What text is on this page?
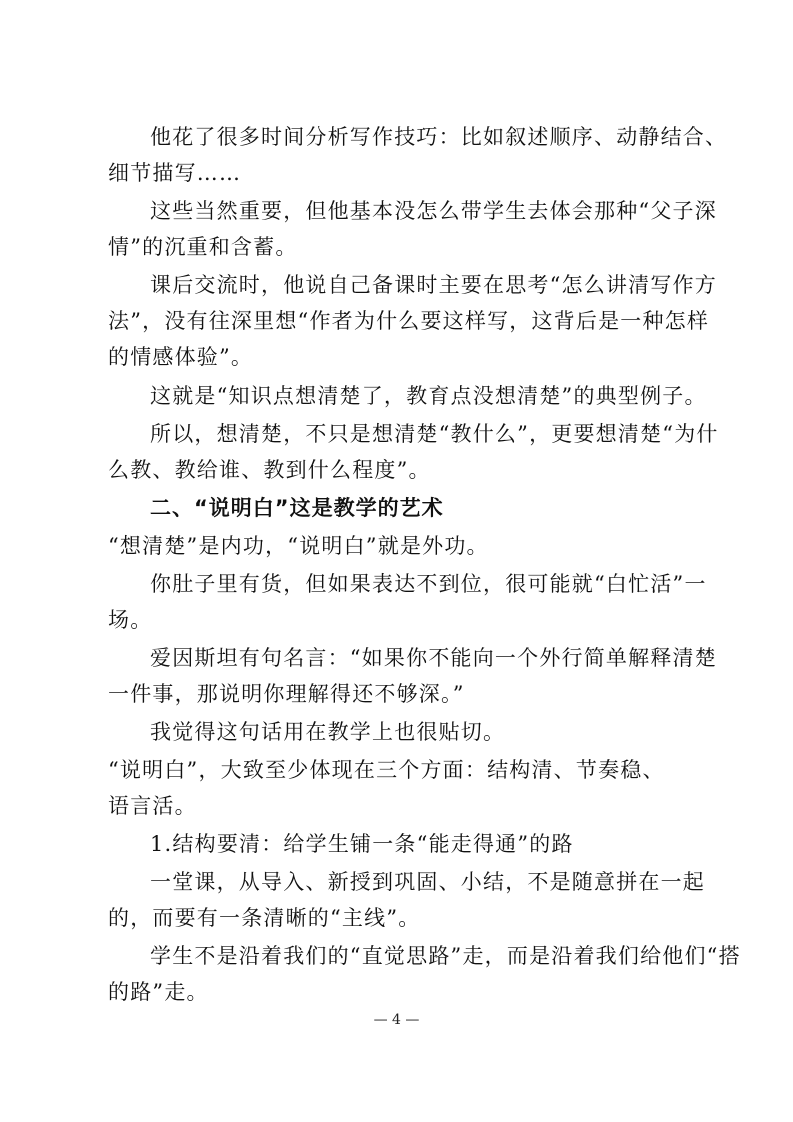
他花了很多时间分析写作技巧：比如叙述顺序、动静结合、
细节描写……
这些当然重要，但他基本没怎么带学生去体会那种“父子深
情”的沉重和含蓄。
课后交流时，他说自己备课时主要在思考“怎么讲清写作方
法”，没有往深里想“作者为什么要这样写，这背后是一种怎样
的情感体验”。
这就是“知识点想清楚了，教育点没想清楚”的典型例子。
所以，想清楚，不只是想清楚“教什么”，更要想清楚“为什
么教、教给谁、教到什么程度”。
二、“说明白”这是教学的艺术
“想清楚”是内功，“说明白”就是外功。
你肚子里有货，但如果表达不到位，很可能就“白忙活”一
场。
爱因斯坦有句名言：“如果你不能向一个外行简单解释清楚
一件事，那说明你理解得还不够深。”
我觉得这句话用在教学上也很贴切。
“说明白”，大致至少体现在三个方面：结构清、节奏稳、
语言活。
1.结构要清：给学生铺一条“能走得通”的路
一堂课，从导入、新授到巩固、小结，不是随意拼在一起
的，而要有一条清晰的“主线”。
学生不是沿着我们的“直觉思路”走，而是沿着我们给他们“搭
的路”走。
— 4 —
